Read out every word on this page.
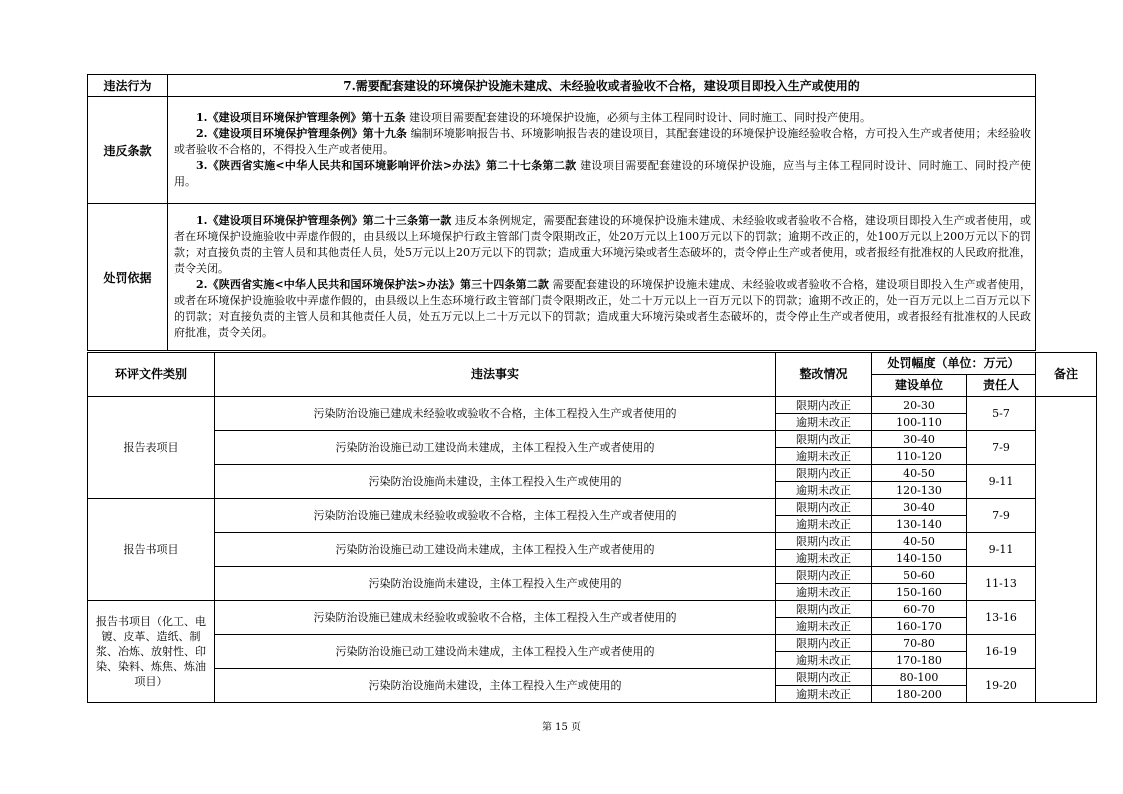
违法行为	7.需要配套建设的环境保护设施未建成、未经验收或者验收不合格，建设项目即投入生产或使用的
违反条款	1.《建设项目环境保护管理条例》第十五条 建设项目需要配套建设的环境保护设施，必须与主体工程同时设计、同时施工、同时投产使用。
2.《建设项目环境保护管理条例》第十九条 编制环境影响报告书、环境影响报告表的建设项目，其配套建设的环境保护设施经验收合格，方可投入生产或者使用；未经验收或者验收不合格的，不得投入生产或者使用。
3.《陕西省实施<中华人民共和国环境影响评价法>办法》第二十七条第二款 建设项目需要配套建设的环境保护设施，应当与主体工程同时设计、同时施工、同时投产使用。

处罚依据	1.《建设项目环境保护管理条例》第二十三条第一款 违反本条例规定，需要配套建设的环境保护设施未建成、未经验收或者验收不合格，建设项目即投入生产或者使用，或者在环境保护设施验收中弄虚作假的，由县级以上环境保护行政主管部门责令限期改正，处20万元以上100万元以下的罚款；逾期不改正的，处100万元以上200万元以下的罚款；对直接负责的主管人员和其他责任人员，处5万元以上20万元以下的罚款；造成重大环境污染或者生态破坏的，责令停止生产或者使用，或者报经有批准权的人民政府批准，责令关闭。
2.《陕西省实施<中华人民共和国环境保护法>办法》第三十四条第二款 需要配套建设的环境保护设施未建成、未经验收或者验收不合格，建设项目即投入生产或者使用，或者在环境保护设施验收中弄虚作假的，由县级以上生态环境行政主管部门责令限期改正，处二十万元以上一百万元以下的罚款；逾期不改正的，处一百万元以上二百万元以下的罚款；对直接负责的主管人员和其他责任人员，处五万元以上二十万元以下的罚款；造成重大环境污染或者生态破坏的，责令停止生产或者使用，或者报经有批准权的人民政府批准，责令关闭。
环评文件类别	违法事实	整改情况	处罚幅度（单位：万元）		备注
			建设单位	责任人	
报告表项目	污染防治设施已建成未经验收或验收不合格，主体工程投入生产或者使用的	限期内改正	20-30	5-7	
		逾期未改正	100-110		
	污染防治设施已动工建设尚未建成，主体工程投入生产或者使用的	限期内改正	30-40	7-9	
		逾期未改正	110-120		
	污染防治设施尚未建设，主体工程投入生产或使用的	限期内改正	40-50	9-11	
		逾期未改正	120-130		
报告书项目	污染防治设施已建成未经验收或验收不合格，主体工程投入生产或者使用的	限期内改正	30-40	7-9	
		逾期未改正	130-140		
	污染防治设施已动工建设尚未建成，主体工程投入生产或者使用的	限期内改正	40-50	9-11	
		逾期未改正	140-150		
	污染防治设施尚未建设，主体工程投入生产或使用的	限期内改正	50-60	11-13	
		逾期未改正	150-160		
报告书项目（化工、电镀、皮革、造纸、制浆、冶炼、放射性、印染、染料、炼焦、炼油项目）	污染防治设施已建成未经验收或验收不合格，主体工程投入生产或者使用的	限期内改正	60-70	13-16	
		逾期未改正	160-170		
	污染防治设施已动工建设尚未建成，主体工程投入生产或者使用的	限期内改正	70-80	16-19	
		逾期未改正	170-180		
	污染防治设施尚未建设，主体工程投入生产或使用的	限期内改正	80-100	19-20	
		逾期未改正	180-200		
第 15 页
